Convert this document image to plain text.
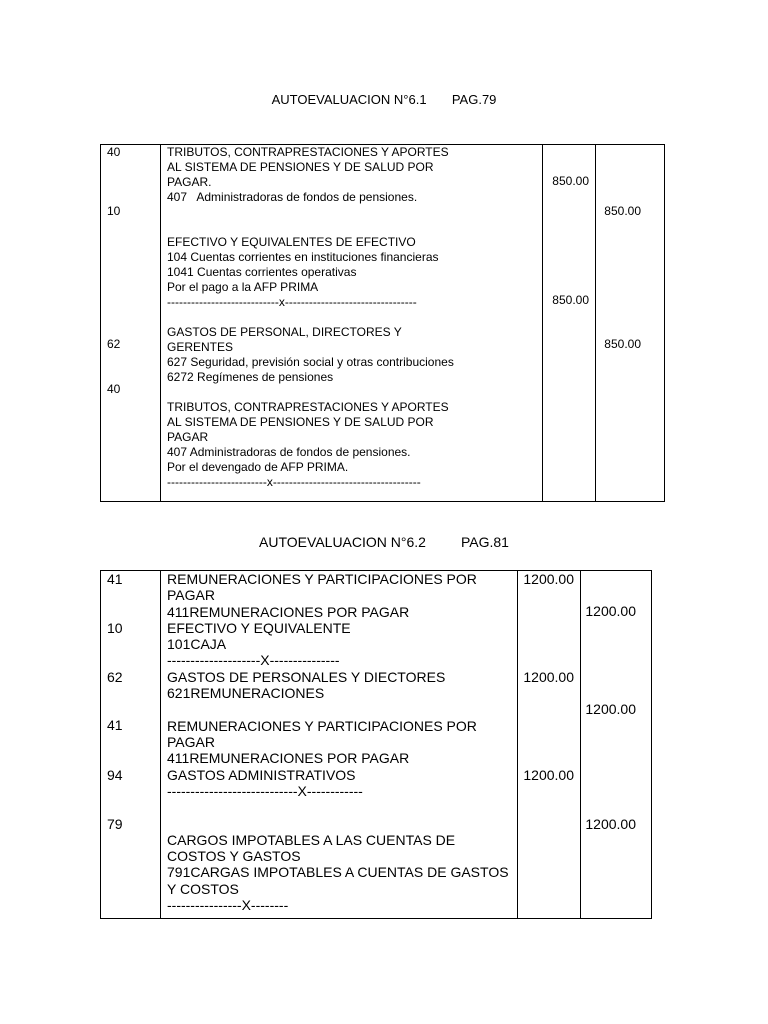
AUTOEVALUACION N°6.1       PAG.79
40
10
62
40
TRIBUTOS, CONTRAPRESTACIONES Y APORTES
AL SISTEMA DE PENSIONES Y DE SALUD POR
PAGAR.
407   Administradoras de fondos de pensiones.

EFECTIVO Y EQUIVALENTES DE EFECTIVO
104 Cuentas corrientes en instituciones financieras
1041 Cuentas corrientes operativas
Por el pago a la AFP PRIMA
----------------------------x---------------------------------

GASTOS DE PERSONAL, DIRECTORES Y
GERENTES
627 Seguridad, previsión social y otras contribuciones
6272 Regímenes de pensiones

TRIBUTOS, CONTRAPRESTACIONES Y APORTES
AL SISTEMA DE PENSIONES Y DE SALUD POR
PAGAR
407 Administradoras de fondos de pensiones.
Por el devengado de AFP PRIMA.
-------------------------x-------------------------------------
850.00
850.00
850.00
850.00
AUTOEVALUACION N°6.2         PAG.81
41
10
62
41
94
79
REMUNERACIONES Y PARTICIPACIONES POR
PAGAR
411REMUNERACIONES POR PAGAR
EFECTIVO Y EQUIVALENTE
101CAJA
--------------------X---------------
GASTOS DE PERSONALES Y DIECTORES
621REMUNERACIONES

REMUNERACIONES Y PARTICIPACIONES POR
PAGAR
411REMUNERACIONES POR PAGAR
GASTOS ADMINISTRATIVOS
----------------------------X------------

CARGOS IMPOTABLES A LAS CUENTAS DE
COSTOS Y GASTOS
791CARGAS IMPOTABLES A CUENTAS DE GASTOS
Y COSTOS
----------------X--------
1200.00
1200.00
1200.00
1200.00
1200.00
1200.00
